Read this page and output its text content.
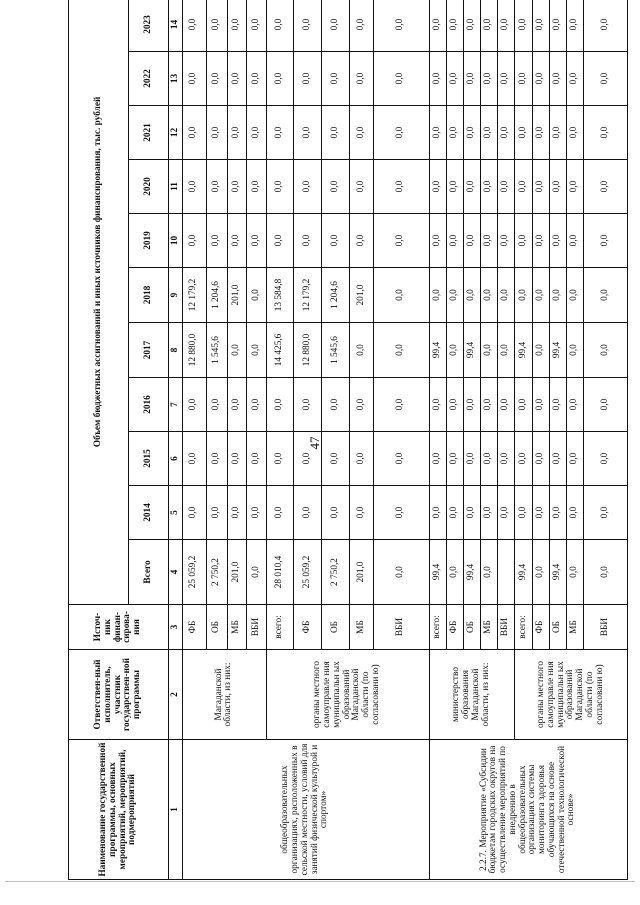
47
Наименование государственной программы, основных мероприятий, мероприятий, подмероприятий	Ответствен-ный исполнитель, участник государствен-ной программы	Источ-ник финан-сирова-ния	Объем бюджетных ассигнований и иных источников финансирования, тыс. рублей											
			Всего	2014	2015	2016	2017	2018	2019	2020	2021	2022	2023	
1	2	3	4	5	6	7	8	9	10	11	12	13	14	
общеобразовательных организациях, расположенных в сельской местности, условий для занятий физической культурой и спортом»	Магаданской области, из них:	ФБ	25 059,2	0,0	0,0	0,0	12 880,0	12 179,2	0,0	0,0	0,0	0,0	0,0	
		ОБ	2 750,2	0,0	0,0	0,0	1 545,6	1 204,6	0,0	0,0	0,0	0,0	0,0	
		МБ	201,0	0,0	0,0	0,0	0,0	201,0	0,0	0,0	0,0	0,0	0,0	
		ВБИ	0,0	0,0	0,0	0,0	0,0	0,0	0,0	0,0	0,0	0,0	0,0	
	органы местного самоуправле ния муниципальн ых образований Магаданской области (по согласовани ю)	всего:	28 010,4	0,0	0,0	0,0	14 425,6	13 584,8	0,0	0,0	0,0	0,0	0,0	
		ФБ	25 059,2	0,0	0,0	0,0	12 880,0	12 179,2	0,0	0,0	0,0	0,0	0,0	
		ОБ	2 750,2	0,0	0,0	0,0	1 545,6	1 204,6	0,0	0,0	0,0	0,0	0,0	
		МБ	201,0	0,0	0,0	0,0	0,0	201,0	0,0	0,0	0,0	0,0	0,0	
		ВБИ	0,0	0,0	0,0	0,0	0,0	0,0	0,0	0,0	0,0	0,0	0,0	
2.2.7. Мероприятие «Субсидии бюджетам городских округов на осуществление мероприятий по внедрению в общеобразовательных организациях системы мониторинга здоровья обучающихся на основе отечественной технологической основе»	министерство образования Магаданской области, из них:	всего:	99,4	0,0	0,0	0,0	99,4	0,0	0,0	0,0	0,0	0,0	0,0	
		ФБ	0,0	0,0	0,0	0,0	0,0	0,0	0,0	0,0	0,0	0,0	0,0	
		ОБ	99,4	0,0	0,0	0,0	99,4	0,0	0,0	0,0	0,0	0,0	0,0	
		МБ	0,0	0,0	0,0	0,0	0,0	0,0	0,0	0,0	0,0	0,0	0,0	
		ВБИ		0,0	0,0	0,0	0,0	0,0	0,0	0,0	0,0	0,0	0,0	
	органы местного самоуправле ния муниципальн ых образований Магаданской области (по согласовани ю)	всего:	99,4	0,0	0,0	0,0	99,4	0,0	0,0	0,0	0,0	0,0	0,0	
		ФБ	0,0	0,0	0,0	0,0	0,0	0,0	0,0	0,0	0,0	0,0	0,0	
		ОБ	99,4	0,0	0,0	0,0	99,4	0,0	0,0	0,0	0,0	0,0	0,0	
		МБ	0,0	0,0	0,0	0,0	0,0	0,0	0,0	0,0	0,0	0,0	0,0	
		ВБИ	0,0	0,0	0,0	0,0	0,0	0,0	0,0	0,0	0,0	0,0	0,0	
